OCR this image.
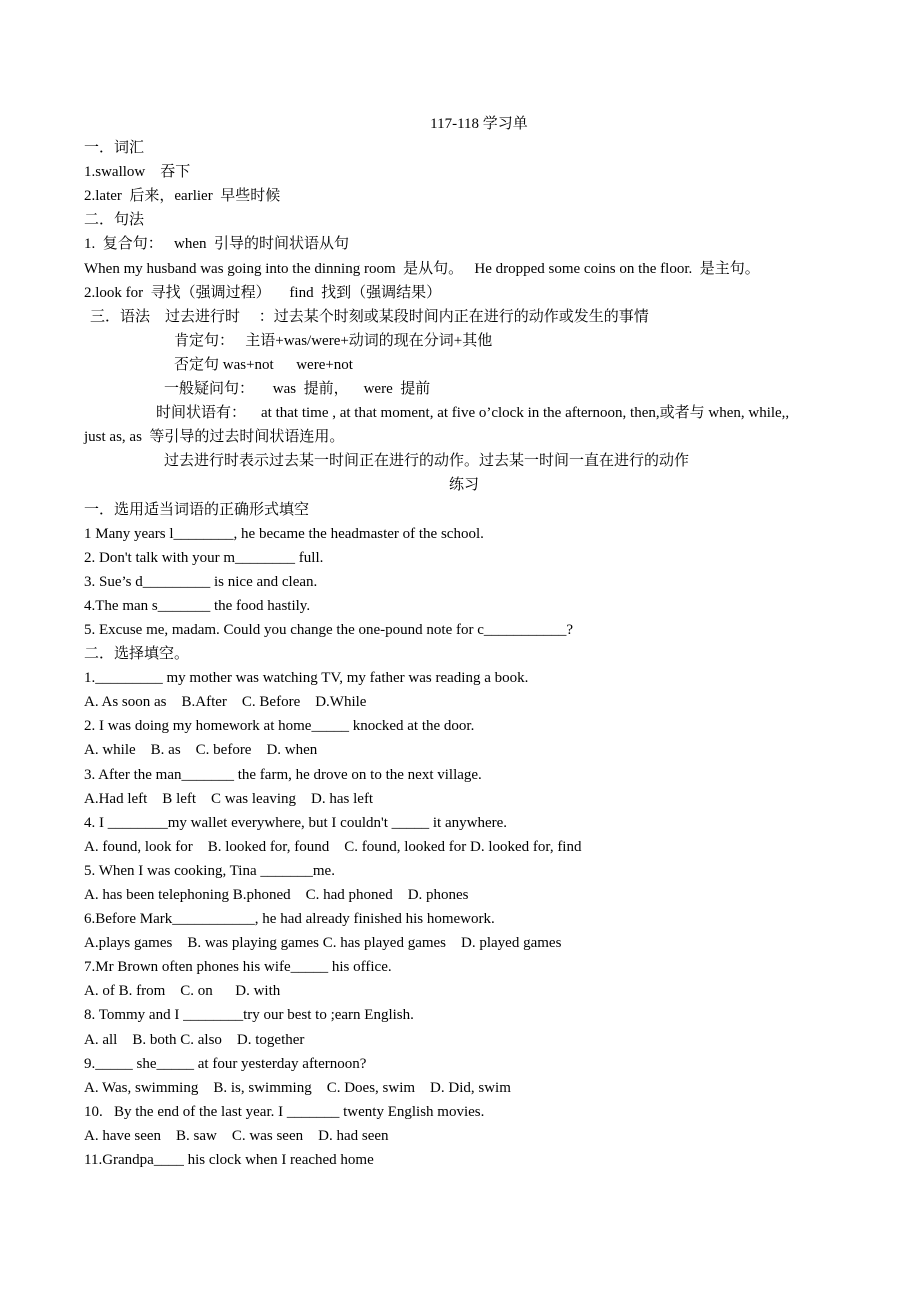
117-118 学习单
一．词汇
1.swallow    吞下
2.later  后来，earlier  早些时候
二．句法
1.  复合句：   when  引导的时间状语从句
When my husband was going into the dinning room  是从句。   He dropped some coins on the floor.  是主句。
2.look for  寻找（强调过程）     find  找到（强调结果）
三．语法    过去进行时     ：过去某个时刻或某段时间内正在进行的动作或发生的事情
肯定句：   主语+was/were+动词的现在分词+其他
否定句 was+not      were+not
一般疑问句：     was  提前，    were  提前
时间状语有：    at that time , at that moment, at five o’clock in the afternoon, then,或者与 when, while,,
just as, as  等引导的过去时间状语连用。
过去进行时表示过去某一时间正在进行的动作。过去某一时间一直在进行的动作
练习
一．选用适当词语的正确形式填空
1 Many years l________, he became the headmaster of the school.
2. Don't talk with your m________ full.
3. Sue’s d_________ is nice and clean.
4.The man s_______ the food hastily.
5. Excuse me, madam. Could you change the one-pound note for c___________?
二．选择填空。
1._________ my mother was watching TV, my father was reading a book.
A. As soon as    B.After    C. Before    D.While
2. I was doing my homework at home_____ knocked at the door.
A. while    B. as    C. before    D. when
3. After the man_______ the farm, he drove on to the next village.
A.Had left    B left    C was leaving    D. has left
4. I ________my wallet everywhere, but I couldn't _____ it anywhere.
A. found, look for    B. looked for, found    C. found, looked for D. looked for, find
5. When I was cooking, Tina _______me.
A. has been telephoning B.phoned    C. had phoned    D. phones
6.Before Mark___________, he had already finished his homework.
A.plays games    B. was playing games C. has played games    D. played games
7.Mr Brown often phones his wife_____ his office.
A. of B. from    C. on      D. with
8. Tommy and I ________try our best to ;earn English.
A. all    B. both C. also    D. together
9._____ she_____ at four yesterday afternoon?
A. Was, swimming    B. is, swimming    C. Does, swim    D. Did, swim
10.   By the end of the last year. I _______ twenty English movies.
A. have seen    B. saw    C. was seen    D. had seen
11.Grandpa____ his clock when I reached home
